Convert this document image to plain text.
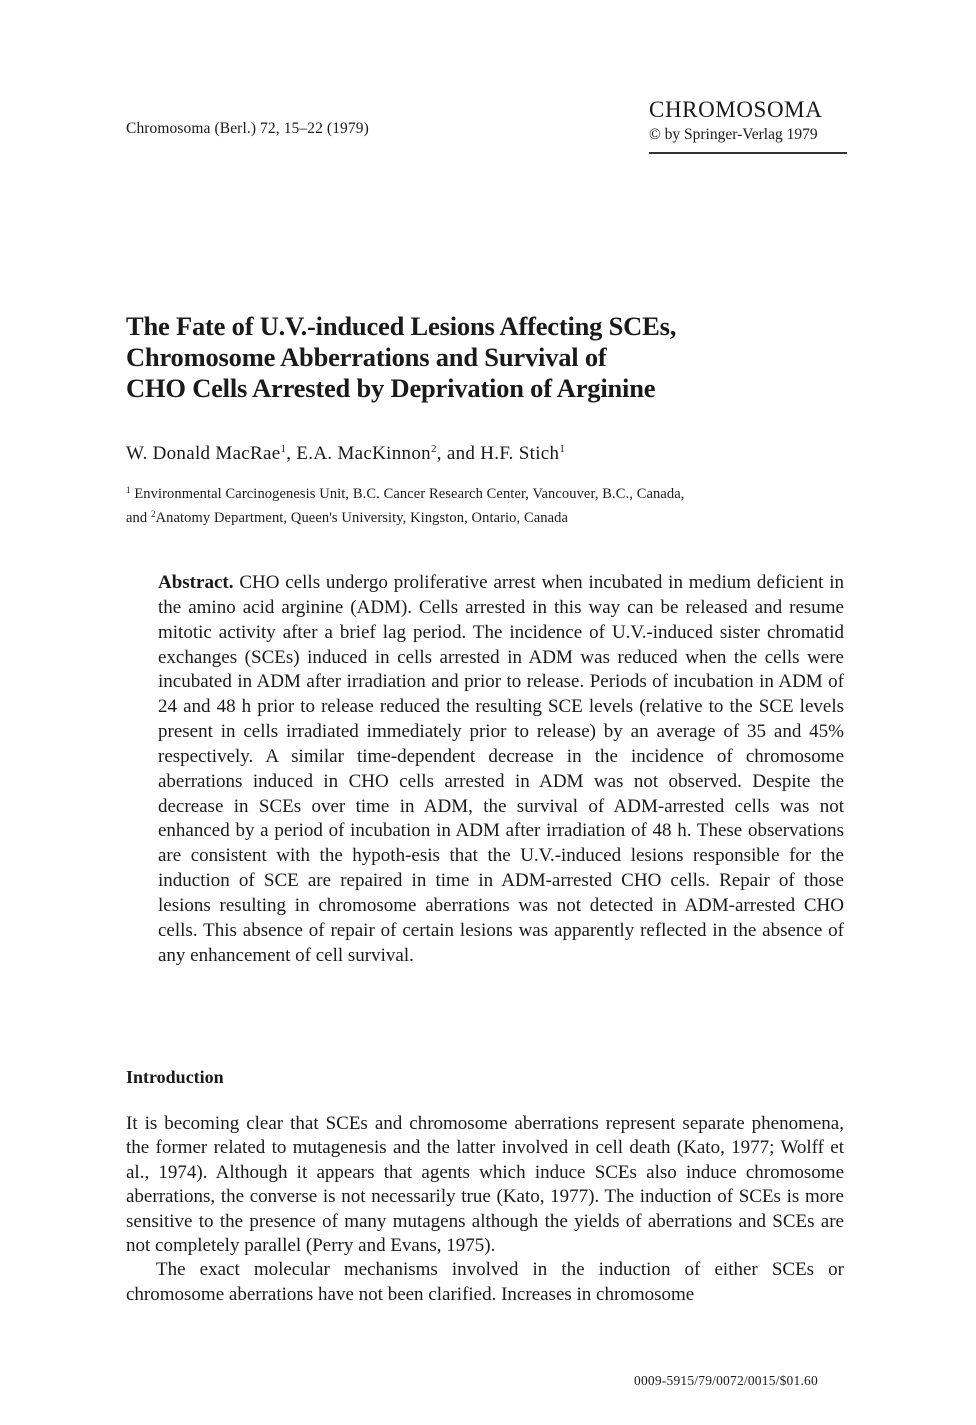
Chromosoma (Berl.) 72, 15–22 (1979)
CHROMOSOMA
© by Springer-Verlag 1979
The Fate of U.V.-induced Lesions Affecting SCEs,
Chromosome Abberrations and Survival of
CHO Cells Arrested by Deprivation of Arginine
W. Donald MacRae$^1$, E.A. MacKinnon$^2$, and H.F. Stich$^1$
$^1$ Environmental Carcinogenesis Unit, B.C. Cancer Research Center, Vancouver, B.C., Canada,
and $^2$Anatomy Department, Queen's University, Kingston, Ontario, Canada
Abstract. CHO cells undergo proliferative arrest when incubated in medium deficient in the amino acid arginine (ADM). Cells arrested in this way can be released and resume mitotic activity after a brief lag period. The incidence of U.V.-induced sister chromatid exchanges (SCEs) induced in cells arrested in ADM was reduced when the cells were incubated in ADM after irradiation and prior to release. Periods of incubation in ADM of 24 and 48 h prior to release reduced the resulting SCE levels (relative to the SCE levels present in cells irradiated immediately prior to release) by an average of 35 and 45% respectively. A similar time-dependent decrease in the incidence of chromosome aberrations induced in CHO cells arrested in ADM was not observed. Despite the decrease in SCEs over time in ADM, the survival of ADM-arrested cells was not enhanced by a period of incubation in ADM after irradiation of 48 h. These observations are consistent with the hypoth-esis that the U.V.-induced lesions responsible for the induction of SCE are repaired in time in ADM-arrested CHO cells. Repair of those lesions resulting in chromosome aberrations was not detected in ADM-arrested CHO cells. This absence of repair of certain lesions was apparently reflected in the absence of any enhancement of cell survival.
Introduction

It is becoming clear that SCEs and chromosome aberrations represent separate phenomena, the former related to mutagenesis and the latter involved in cell death (Kato, 1977; Wolff et al., 1974). Although it appears that agents which induce SCEs also induce chromosome aberrations, the converse is not necessarily true (Kato, 1977). The induction of SCEs is more sensitive to the presence of many mutagens although the yields of aberrations and SCEs are not completely parallel (Perry and Evans, 1975).

The exact molecular mechanisms involved in the induction of either SCEs or chromosome aberrations have not been clarified. Increases in chromosome

0009-5915/79/0072/0015/$01.60
